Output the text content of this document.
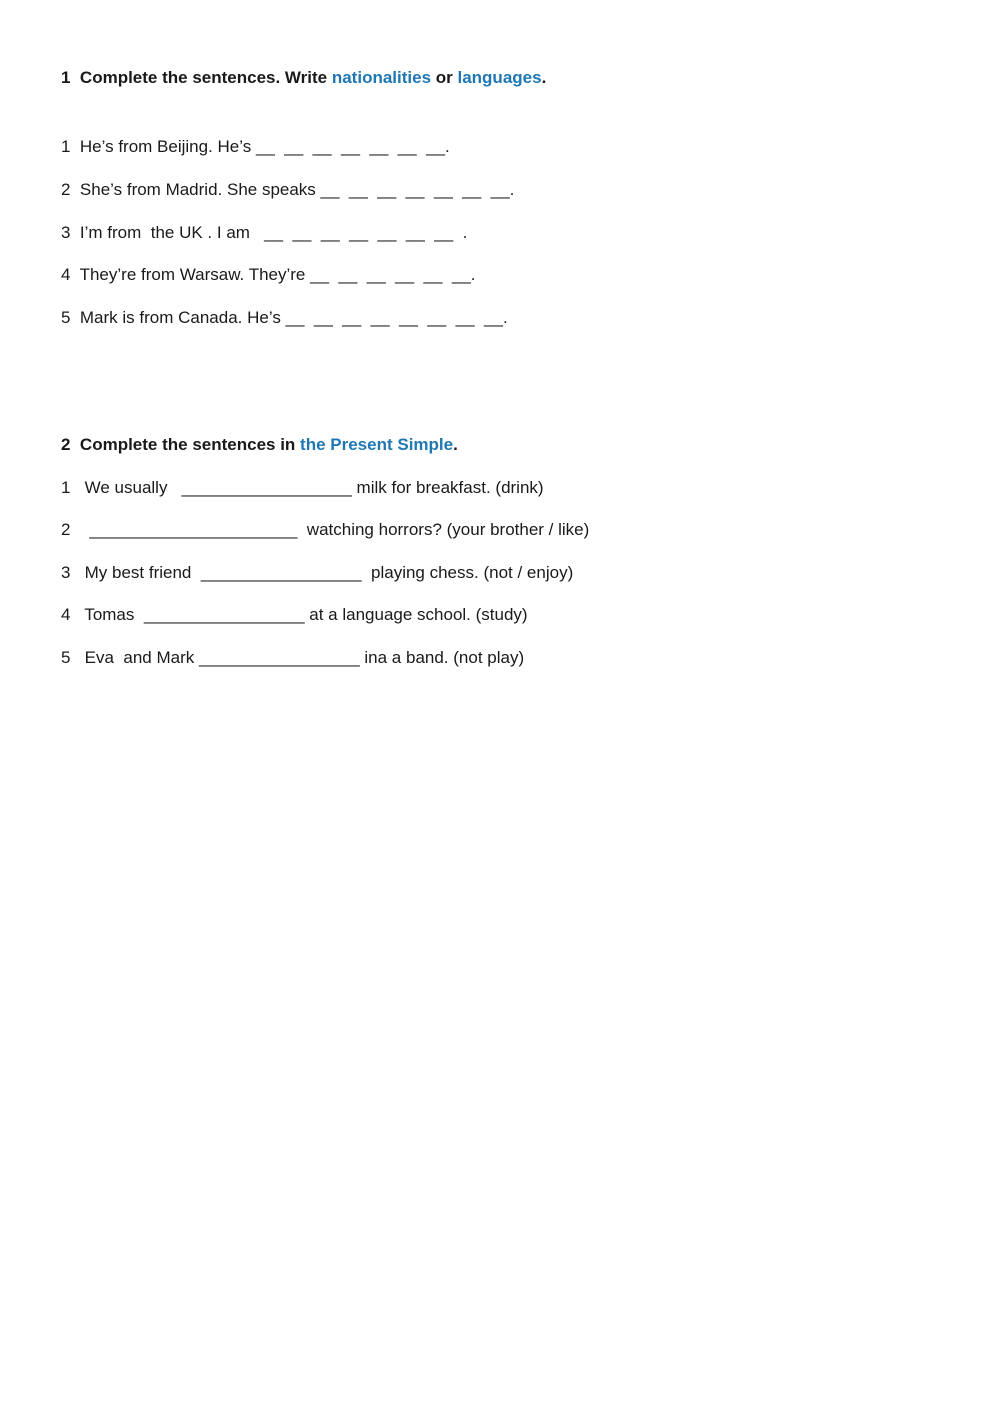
1 Complete the sentences. Write nationalities or languages.
1  He’s from Beijing. He’s __  __  __  __  __  __  __.
2  She’s from Madrid. She speaks __  __  __  __  __  __  __.
3  I’m from  the UK . I am   __  __  __  __  __  __  __  .
4  They’re from Warsaw. They’re __  __  __  __  __  __.
5  Mark is from Canada. He’s __  __  __  __  __  __  __  __.
2 Complete the sentences in the Present Simple.
1   We usually   __________________ milk for breakfast. (drink)
2    ______________________  watching horrors? (your brother / like)
3   My best friend  _________________  playing chess. (not / enjoy)
4   Tomas  _________________ at a language school. (study)
5   Eva  and Mark _________________ ina a band. (not play)
